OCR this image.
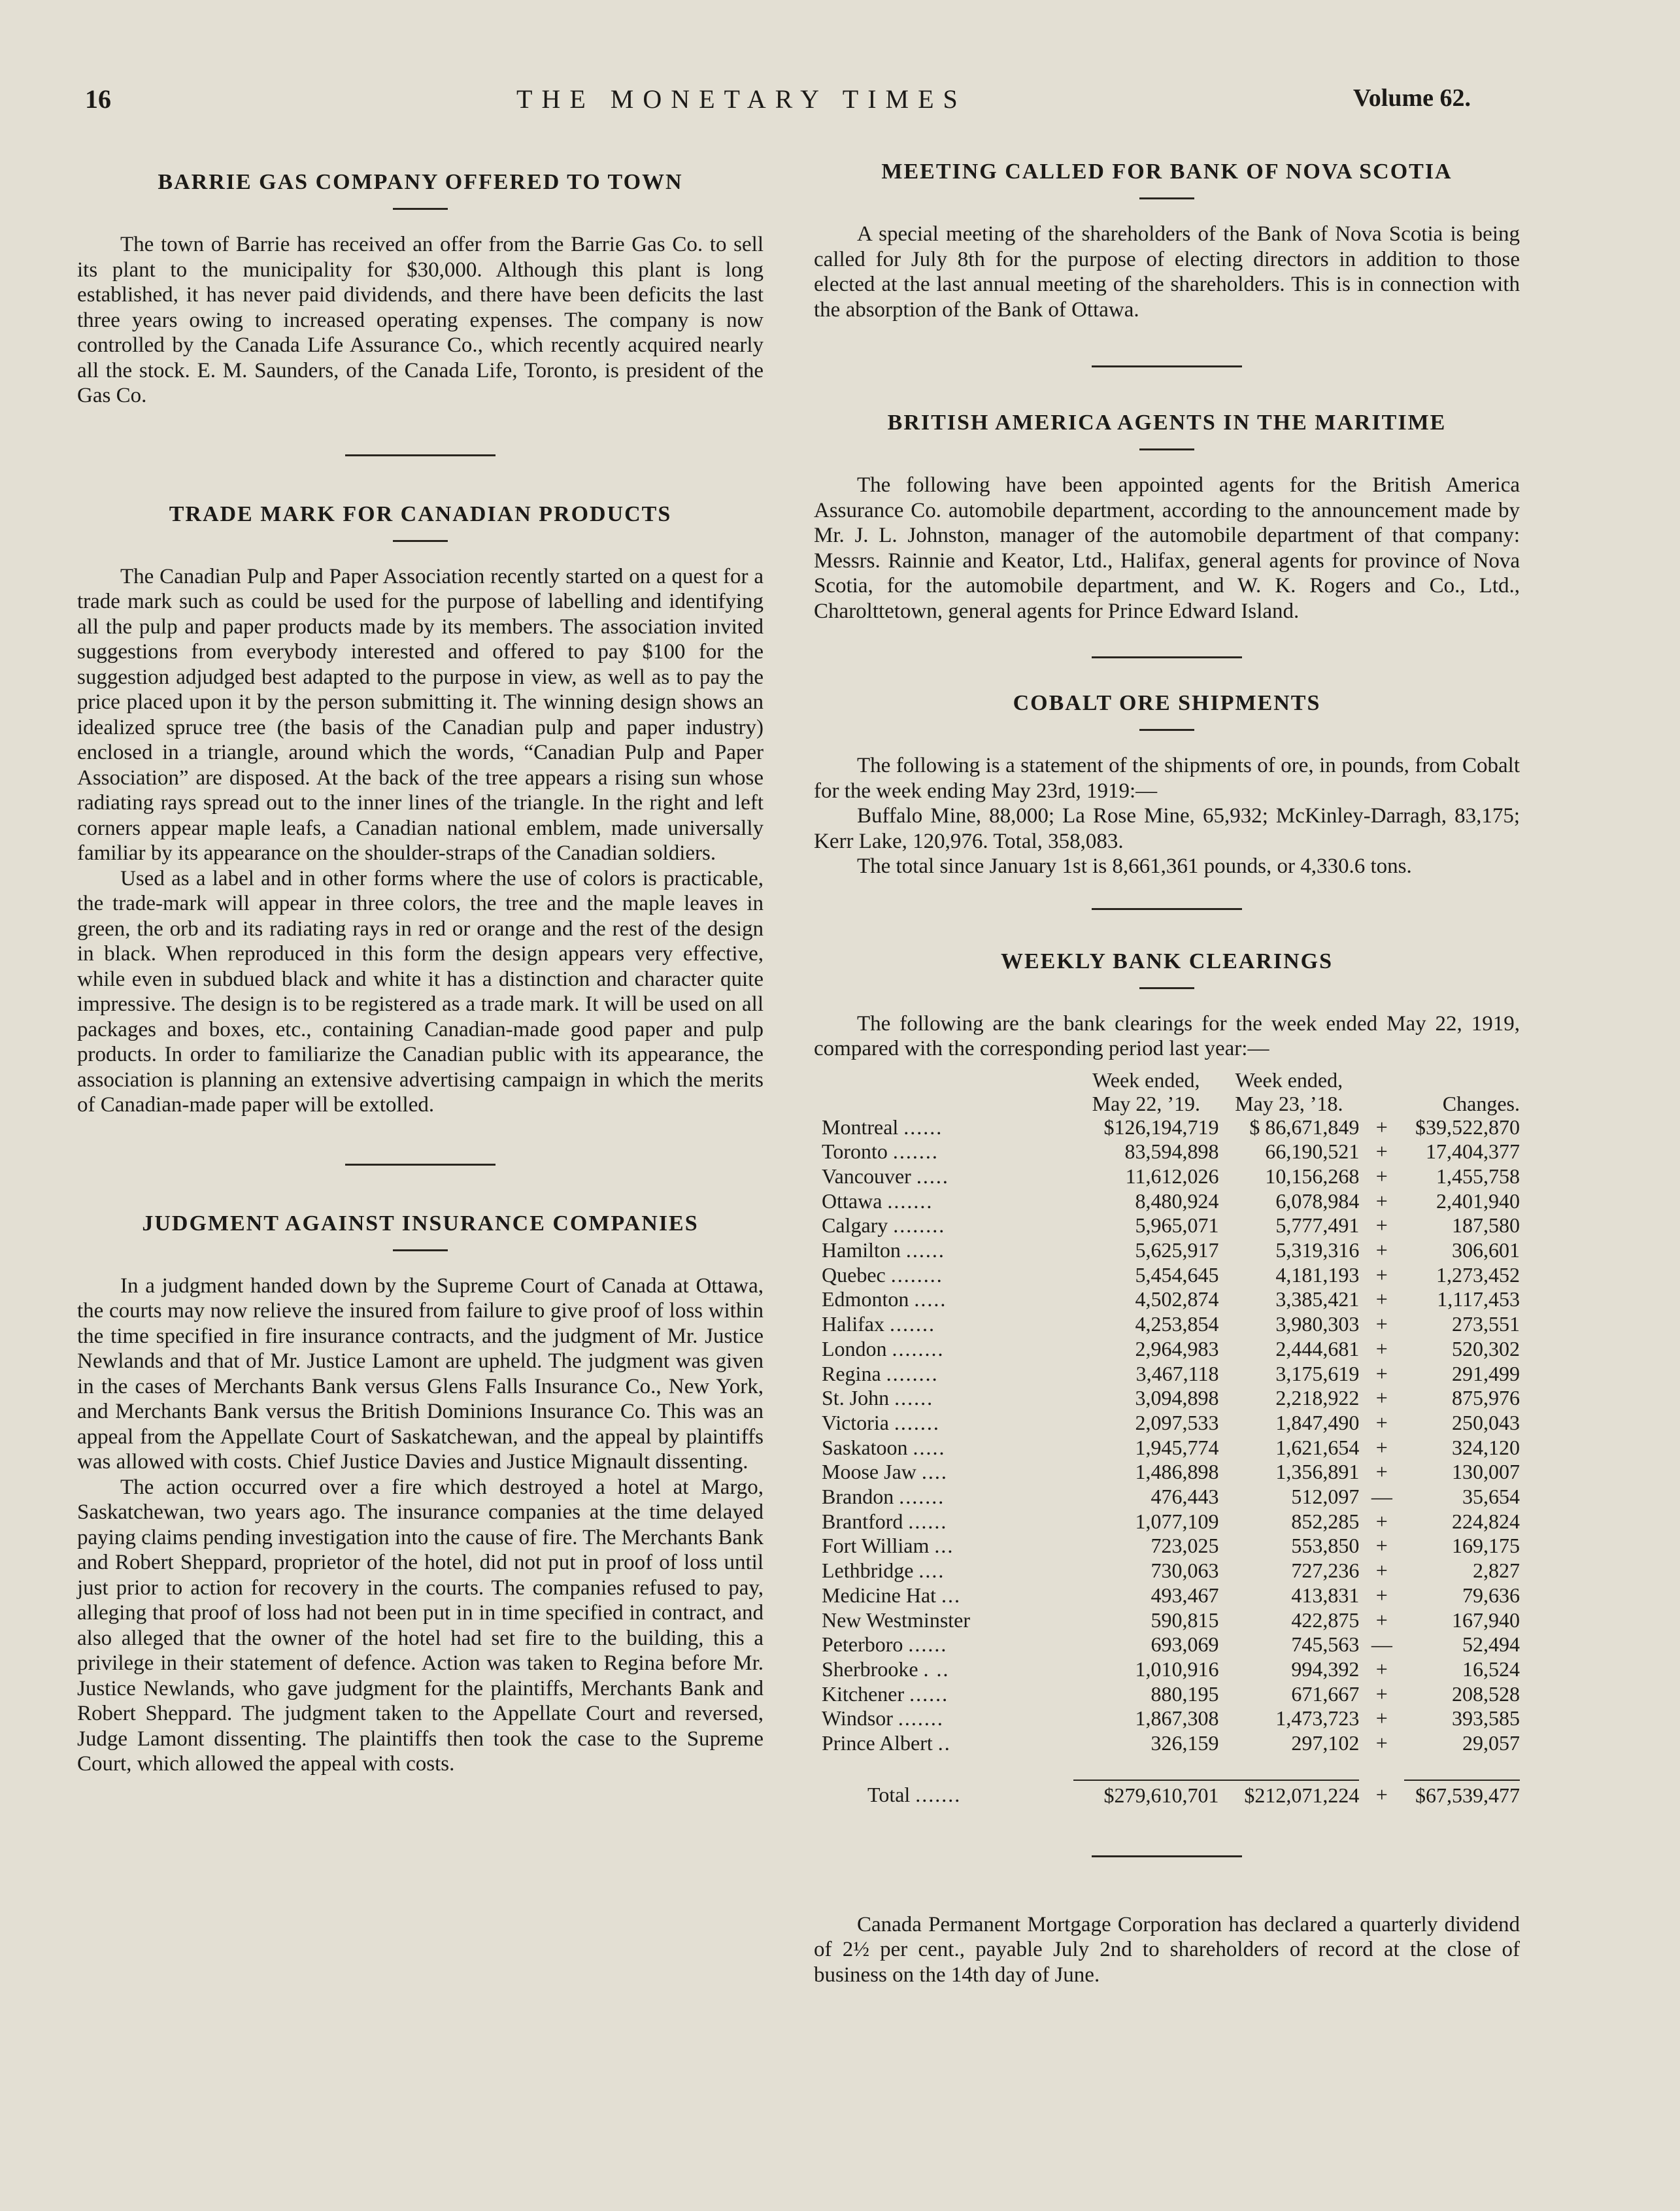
16	THE MONETARY TIMES	Volume 62.
BARRIE GAS COMPANY OFFERED TO TOWN

The town of Barrie has received an offer from the Barrie Gas Co. to sell its plant to the municipality for $30,000. Although this plant is long established, it has never paid dividends, and there have been deficits the last three years owing to increased operating expenses. The company is now controlled by the Canada Life Assurance Co., which recently acquired nearly all the stock. E. M. Saunders, of the Canada Life, Toronto, is president of the Gas Co.

TRADE MARK FOR CANADIAN PRODUCTS

The Canadian Pulp and Paper Association recently started on a quest for a trade mark such as could be used for the purpose of labelling and identifying all the pulp and paper products made by its members. The association invited suggestions from everybody interested and offered to pay $100 for the suggestion adjudged best adapted to the purpose in view, as well as to pay the price placed upon it by the person submitting it. The winning design shows an idealized spruce tree (the basis of the Canadian pulp and paper industry) enclosed in a triangle, around which the words, “Canadian Pulp and Paper Association” are disposed. At the back of the tree appears a rising sun whose radiating rays spread out to the inner lines of the triangle. In the right and left corners appear maple leafs, a Canadian national emblem, made universally familiar by its appearance on the shoulder-straps of the Canadian soldiers.

Used as a label and in other forms where the use of colors is practicable, the trade-mark will appear in three colors, the tree and the maple leaves in green, the orb and its radiating rays in red or orange and the rest of the design in black. When reproduced in this form the design appears very effective, while even in subdued black and white it has a distinction and character quite impressive. The design is to be registered as a trade mark. It will be used on all packages and boxes, etc., containing Canadian-made good paper and pulp products. In order to familiarize the Canadian public with its appearance, the association is planning an extensive advertising campaign in which the merits of Canadian-made paper will be extolled.

JUDGMENT AGAINST INSURANCE COMPANIES

In a judgment handed down by the Supreme Court of Canada at Ottawa, the courts may now relieve the insured from failure to give proof of loss within the time specified in fire insurance contracts, and the judgment of Mr. Justice Newlands and that of Mr. Justice Lamont are upheld. The judgment was given in the cases of Merchants Bank versus Glens Falls Insurance Co., New York, and Merchants Bank versus the British Dominions Insurance Co. This was an appeal from the Appellate Court of Saskatchewan, and the appeal by plaintiffs was allowed with costs. Chief Justice Davies and Justice Mignault dissenting.

The action occurred over a fire which destroyed a hotel at Margo, Saskatchewan, two years ago. The insurance companies at the time delayed paying claims pending investigation into the cause of fire. The Merchants Bank and Robert Sheppard, proprietor of the hotel, did not put in proof of loss until just prior to action for recovery in the courts. The companies refused to pay, alleging that proof of loss had not been put in in time specified in contract, and also alleged that the owner of the hotel had set fire to the building, this a privilege in their statement of defence. Action was taken to Regina before Mr. Justice Newlands, who gave judgment for the plaintiffs, Merchants Bank and Robert Sheppard. The judgment taken to the Appellate Court and reversed, Judge Lamont dissenting. The plaintiffs then took the case to the Supreme Court, which allowed the appeal with costs.

MEETING CALLED FOR BANK OF NOVA SCOTIA

A special meeting of the shareholders of the Bank of Nova Scotia is being called for July 8th for the purpose of electing directors in addition to those elected at the last annual meeting of the shareholders. This is in connection with the absorption of the Bank of Ottawa.

BRITISH AMERICA AGENTS IN THE MARITIME

The following have been appointed agents for the British America Assurance Co. automobile department, according to the announcement made by Mr. J. L. Johnston, manager of the automobile department of that company: Messrs. Rainnie and Keator, Ltd., Halifax, general agents for province of Nova Scotia, for the automobile department, and W. K. Rogers and Co., Ltd., Charolttetown, general agents for Prince Edward Island.

COBALT ORE SHIPMENTS

The following is a statement of the shipments of ore, in pounds, from Cobalt for the week ending May 23rd, 1919:—

Buffalo Mine, 88,000; La Rose Mine, 65,932; McKinley-Darragh, 83,175; Kerr Lake, 120,976. Total, 358,083.

The total since January 1st is 8,661,361 pounds, or 4,330.6 tons.

WEEKLY BANK CLEARINGS

The following are the bank clearings for the week ended May 22, 1919, compared with the corresponding period last year:—

	Week ended,
May 22, ’19.	Week ended,
May 23, ’18.		Changes.
Montreal ......	$126,194,719	$ 86,671,849	+	$39,522,870
Toronto .......	83,594,898	66,190,521	+	17,404,377
Vancouver .....	11,612,026	10,156,268	+	1,455,758
Ottawa .......	8,480,924	6,078,984	+	2,401,940
Calgary ........	5,965,071	5,777,491	+	187,580
Hamilton ......	5,625,917	5,319,316	+	306,601
Quebec ........	5,454,645	4,181,193	+	1,273,452
Edmonton .....	4,502,874	3,385,421	+	1,117,453
Halifax .......	4,253,854	3,980,303	+	273,551
London ........	2,964,983	2,444,681	+	520,302
Regina ........	3,467,118	3,175,619	+	291,499
St. John ......	3,094,898	2,218,922	+	875,976
Victoria .......	2,097,533	1,847,490	+	250,043
Saskatoon .....	1,945,774	1,621,654	+	324,120
Moose Jaw ....	1,486,898	1,356,891	+	130,007
Brandon .......	476,443	512,097	—	35,654
Brantford ......	1,077,109	852,285	+	224,824
Fort William ...	723,025	553,850	+	169,175
Lethbridge ....	730,063	727,236	+	2,827
Medicine Hat ...	493,467	413,831	+	79,636
New Westminster	590,815	422,875	+	167,940
Peterboro ......	693,069	745,563	—	52,494
Sherbrooke . ..	1,010,916	994,392	+	16,524
Kitchener ......	880,195	671,667	+	208,528
Windsor .......	1,867,308	1,473,723	+	393,585
Prince Albert ..	326,159	297,102	+	29,057

Total .......	$279,610,701	$212,071,224	+	$67,539,477

Canada Permanent Mortgage Corporation has declared a quarterly dividend of 2½ per cent., payable July 2nd to shareholders of record at the close of business on the 14th day of June.
